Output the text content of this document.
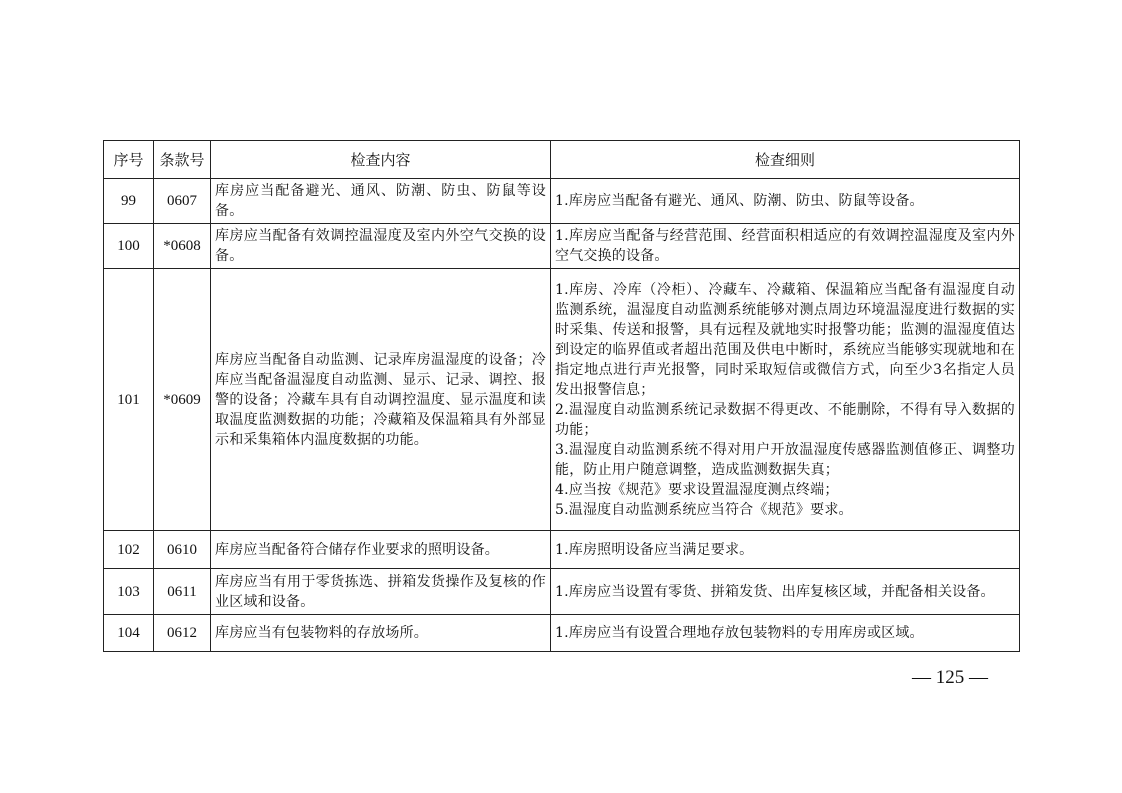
序号	条款号	检查内容	检查细则
99	0607	库房应当配备避光、通风、防潮、防虫、防鼠等设备。	1.库房应当配备有避光、通风、防潮、防虫、防鼠等设备。

100	*0608	库房应当配备有效调控温湿度及室内外空气交换的设备。	1.库房应当配备与经营范围、经营面积相适应的有效调控温湿度及室内外空气交换的设备。

101	*0609	库房应当配备自动监测、记录库房温湿度的设备；冷库应当配备温湿度自动监测、显示、记录、调控、报警的设备；冷藏车具有自动调控温度、显示温度和读取温度监测数据的功能；冷藏箱及保温箱具有外部显示和采集箱体内温度数据的功能。	1.库房、冷库（冷柜）、冷藏车、冷藏箱、保温箱应当配备有温湿度自动监测系统，温湿度自动监测系统能够对测点周边环境温湿度进行数据的实时采集、传送和报警，具有远程及就地实时报警功能；监测的温湿度值达到设定的临界值或者超出范围及供电中断时，系统应当能够实现就地和在指定地点进行声光报警，同时采取短信或微信方式，向至少3名指定人员发出报警信息；
2.温湿度自动监测系统记录数据不得更改、不能删除，不得有导入数据的功能；
3.温湿度自动监测系统不得对用户开放温湿度传感器监测值修正、调整功能，防止用户随意调整，造成监测数据失真；
4.应当按《规范》要求设置温湿度测点终端；
5.温湿度自动监测系统应当符合《规范》要求。

102	0610	库房应当配备符合储存作业要求的照明设备。	1.库房照明设备应当满足要求。

103	0611	库房应当有用于零货拣选、拼箱发货操作及复核的作业区域和设备。	1.库房应当设置有零货、拼箱发货、出库复核区域，并配备相关设备。

104	0612	库房应当有包装物料的存放场所。	1.库房应当有设置合理地存放包装物料的专用库房或区域。
— 125 —
